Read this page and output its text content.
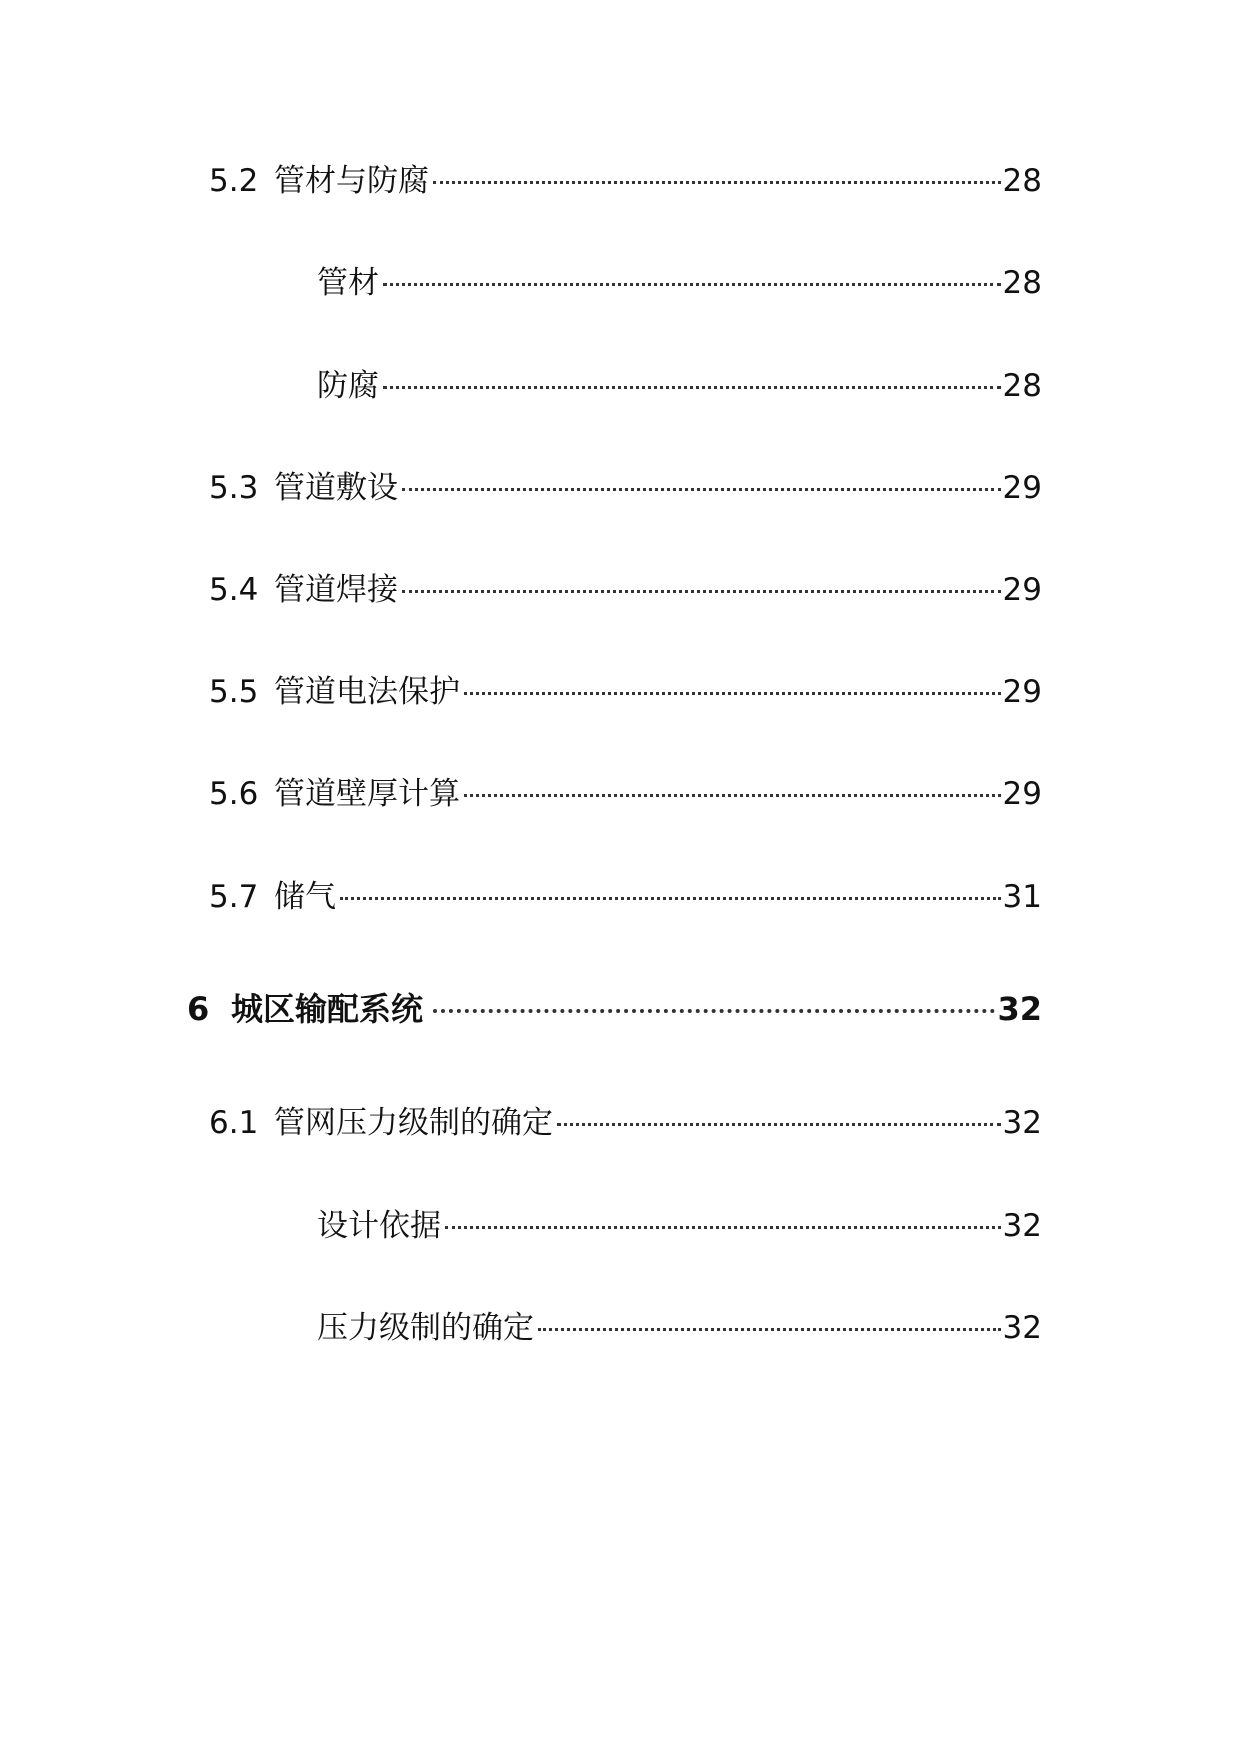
5.2 管材与防腐	28
管材	28
防腐	28
5.3 管道敷设	29
5.4 管道焊接	29
5.5 管道电法保护	29
5.6 管道壁厚计算	29
5.7 储气	31
6 城区输配系统	32
6.1 管网压力级制的确定	32
设计依据	32
压力级制的确定	32
